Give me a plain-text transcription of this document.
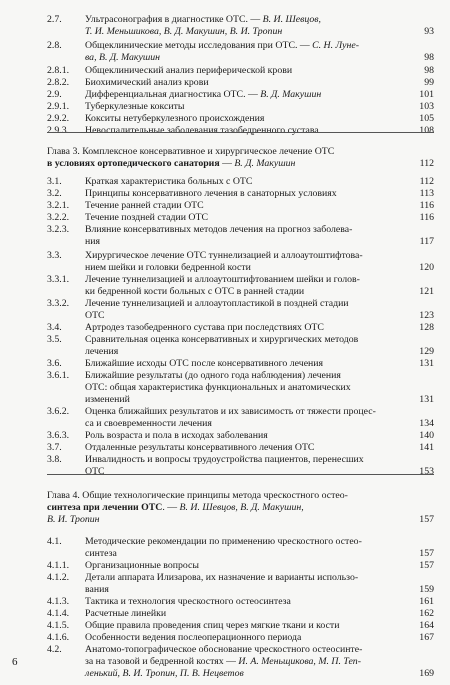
2.7.	Ультрасонография в диагностике ОТС. — В. И. Шевцов,
Т. И. Меньшикова, В. Д. Макушин, В. И. Тропин	93
2.8.	Общеклинические методы исследования при ОТС. — С. Н. Луне-
ва, В. Д. Макушин	98
2.8.1.	Общеклинический анализ периферической крови	98
2.8.2.	Биохимический анализ крови	99
2.9.	Дифференциальная диагностика ОТС. — В. Д. Макушин	101
2.9.1.	Туберкулезные кокситы	103
2.9.2.	Кокситы нетуберкулезного происхождения	105
2.9.3.	Невоспалительные заболевания тазобедренного сустава	108
Глава 3. Комплексное консервативное и хирургическое лечение ОТС
в условиях ортопедического санатория — В. Д. Макушин	112
3.1.	Краткая характеристика больных с ОТС	112
3.2.	Принципы консервативного лечения в санаторных условиях	113
3.2.1.	Течение ранней стадии ОТС	116
3.2.2.	Течение поздней стадии ОТС	116
3.2.3.	Влияние консервативных методов лечения на прогноз заболева-
ния	117
3.3.	Хирургическое лечение ОТС туннелизацией и аллоаутоштифтова-
нием шейки и головки бедренной кости	120
3.3.1.	Лечение туннелизацией и аллоаутоштифтованием шейки и голов-
ки бедренной кости больных с ОТС в ранней стадии	121
3.3.2.	Лечение туннелизацией и аллоаутопластикой в поздней стадии
ОТС	123
3.4.	Артродез тазобедренного сустава при последствиях ОТС	128
3.5.	Сравнительная оценка консервативных и хирургических методов
лечения	129
3.6.	Ближайшие исходы ОТС после консервативного лечения	131
3.6.1.	Ближайшие результаты (до одного года наблюдения) лечения
ОТС: общая характеристика функциональных и анатомических
изменений	131
3.6.2.	Оценка ближайших результатов и их зависимость от тяжести процес-
са и своевременности лечения	134
3.6.3.	Роль возраста и пола в исходах заболевания	140
3.7.	Отдаленные результаты консервативного лечения ОТС	141
3.8.	Инвалидность и вопросы трудоустройства пациентов, перенесших
ОТС	153
Глава 4. Общие технологические принципы метода чрескостного остео-
синтеза при лечении ОТС. — В. И. Шевцов, В. Д. Макушин,
В. И. Тропин	157
4.1.	Методические рекомендации по применению чрескостного остео-
синтеза	157
4.1.1.	Организационные вопросы	157
4.1.2.	Детали аппарата Илизарова, их назначение и варианты использо-
вания	159
4.1.3.	Тактика и технология чрескостного остеосинтеза	161
4.1.4.	Расчетные линейки	162
4.1.5.	Общие правила проведения спиц через мягкие ткани и кости	164
4.1.6.	Особенности ведения послеоперационного периода	167
4.2.	Анатомо-топографическое обоснование чрескостного остеосинте-
за на тазовой и бедренной костях — И. А. Меньщикова, М. П. Теп-
ленький, В. И. Тропин, П. В. Нецветов	169
6
